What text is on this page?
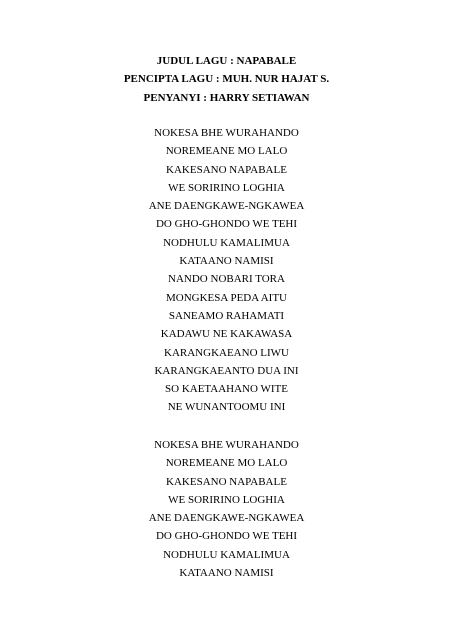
JUDUL LAGU : NAPABALE
PENCIPTA LAGU : MUH. NUR HAJAT S.
PENYANYI : HARRY SETIAWAN
NOKESA BHE WURAHANDO
NOREMEANE MO LALO
KAKESANO NAPABALE
WE SORIRINO LOGHIA
ANE DAENGKAWE-NGKAWEA
DO GHO-GHONDO WE TEHI
NODHULU KAMALIMUA
KATAANO NAMISI
NANDO NOBARI TORA
MONGKESA PEDA AITU
SANEAMO RAHAMATI
KADAWU NE KAKAWASA
KARANGKAEANO LIWU
KARANGKAEANTO DUA INI
SO KAETAAHANO WITE
NE WUNANTOOMU INI
NOKESA BHE WURAHANDO
NOREMEANE MO LALO
KAKESANO NAPABALE
WE SORIRINO LOGHIA
ANE DAENGKAWE-NGKAWEA
DO GHO-GHONDO WE TEHI
NODHULU KAMALIMUA
KATAANO NAMISI
